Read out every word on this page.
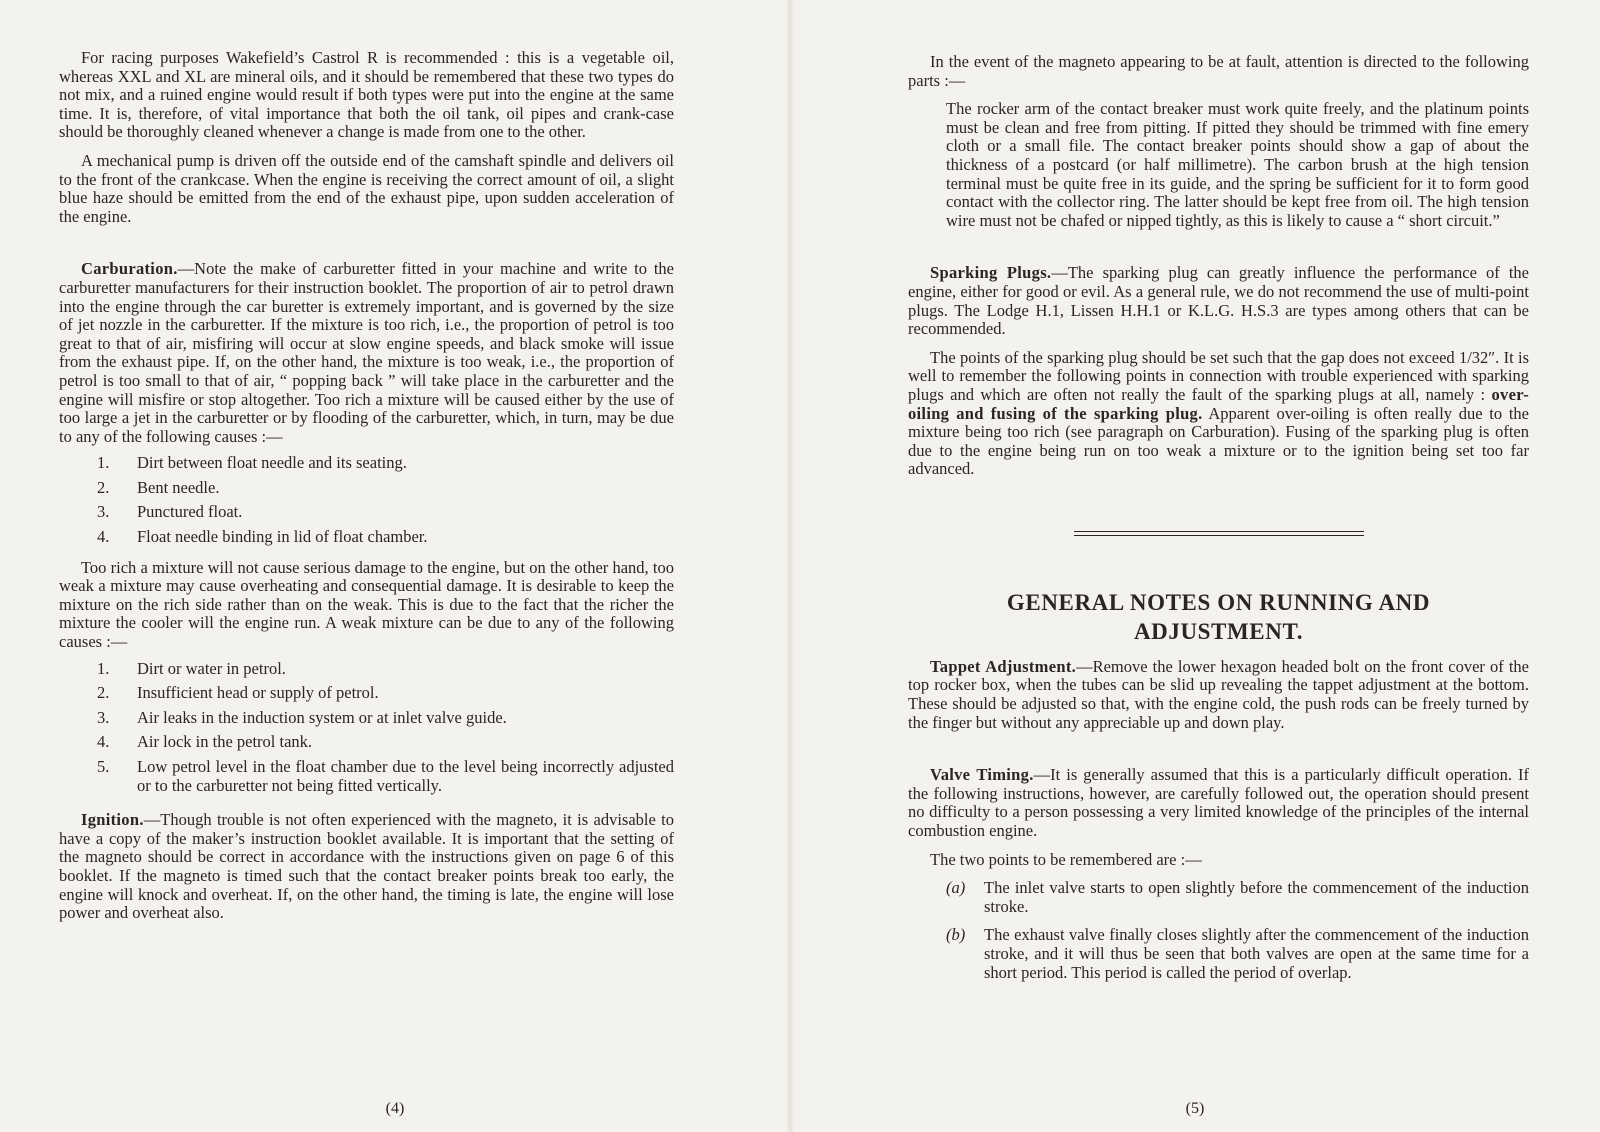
For racing purposes Wakefield’s Castrol R is recommended : this is a vegetable oil, whereas XXL and XL are mineral oils, and it should be remembered that these two types do not mix, and a ruined engine would result if both types were put into the engine at the same time. It is, therefore, of vital importance that both the oil tank, oil pipes and crank-case should be thoroughly cleaned whenever a change is made from one to the other.

A mechanical pump is driven off the outside end of the camshaft spindle and delivers oil to the front of the crankcase. When the engine is receiving the correct amount of oil, a slight blue haze should be emitted from the end of the exhaust pipe, upon sudden acceleration of the engine.

Carburation.—Note the make of carburetter fitted in your machine and write to the carburetter manufacturers for their instruction booklet. The proportion of air to petrol drawn into the engine through the car buretter is extremely important, and is governed by the size of jet nozzle in the carburetter. If the mixture is too rich, i.e., the proportion of petrol is too great to that of air, misfiring will occur at slow engine speeds, and black smoke will issue from the exhaust pipe. If, on the other hand, the mixture is too weak, i.e., the proportion of petrol is too small to that of air, “ popping back ” will take place in the carburetter and the engine will misfire or stop altogether. Too rich a mixture will be caused either by the use of too large a jet in the carburetter or by flooding of the carburetter, which, in turn, may be due to any of the following causes :—

1.	Dirt between float needle and its seating.
2.	Bent needle.
3.	Punctured float.
4.	Float needle binding in lid of float chamber.

Too rich a mixture will not cause serious damage to the engine, but on the other hand, too weak a mixture may cause overheating and consequential damage. It is desirable to keep the mixture on the rich side rather than on the weak. This is due to the fact that the richer the mixture the cooler will the engine run. A weak mixture can be due to any of the following causes :—

1.	Dirt or water in petrol.
2.	Insufficient head or supply of petrol.
3.	Air leaks in the induction system or at inlet valve guide.
4.	Air lock in the petrol tank.
5.	Low petrol level in the float chamber due to the level being incorrectly adjusted or to the carburetter not being fitted vertically.

Ignition.—Though trouble is not often experienced with the magneto, it is advisable to have a copy of the maker’s instruction booklet available. It is important that the setting of the magneto should be correct in accordance with the instructions given on page 6 of this booklet. If the magneto is timed such that the contact breaker points break too early, the engine will knock and overheat. If, on the other hand, the timing is late, the engine will lose power and overheat also.

(4)

In the event of the magneto appearing to be at fault, attention is directed to the following parts :—

The rocker arm of the contact breaker must work quite freely, and the platinum points must be clean and free from pitting. If pitted they should be trimmed with fine emery cloth or a small file. The contact breaker points should show a gap of about the thickness of a postcard (or half millimetre). The carbon brush at the high tension terminal must be quite free in its guide, and the spring be sufficient for it to form good contact with the collector ring. The latter should be kept free from oil. The high tension wire must not be chafed or nipped tightly, as this is likely to cause a “ short circuit.”

Sparking Plugs.—The sparking plug can greatly influence the performance of the engine, either for good or evil. As a general rule, we do not recommend the use of multi-point plugs. The Lodge H.1, Lissen H.H.1 or K.L.G. H.S.3 are types among others that can be recommended.

The points of the sparking plug should be set such that the gap does not exceed 1/32″. It is well to remember the following points in connection with trouble experienced with sparking plugs and which are often not really the fault of the sparking plugs at all, namely : over-oiling and fusing of the sparking plug. Apparent over-oiling is often really due to the mixture being too rich (see paragraph on Carburation). Fusing of the sparking plug is often due to the engine being run on too weak a mixture or to the ignition being set too far advanced.

GENERAL NOTES ON RUNNING AND
ADJUSTMENT.

Tappet Adjustment.—Remove the lower hexagon headed bolt on the front cover of the top rocker box, when the tubes can be slid up revealing the tappet adjustment at the bottom. These should be adjusted so that, with the engine cold, the push rods can be freely turned by the finger but without any appreciable up and down play.

Valve Timing.—It is generally assumed that this is a particularly difficult operation. If the following instructions, however, are carefully followed out, the operation should present no difficulty to a person possessing a very limited knowledge of the principles of the internal combustion engine.

The two points to be remembered are :—

(a)	The inlet valve starts to open slightly before the commencement of the induction stroke.
(b)	The exhaust valve finally closes slightly after the commencement of the induction stroke, and it will thus be seen that both valves are open at the same time for a short period. This period is called the period of overlap.
(5)
